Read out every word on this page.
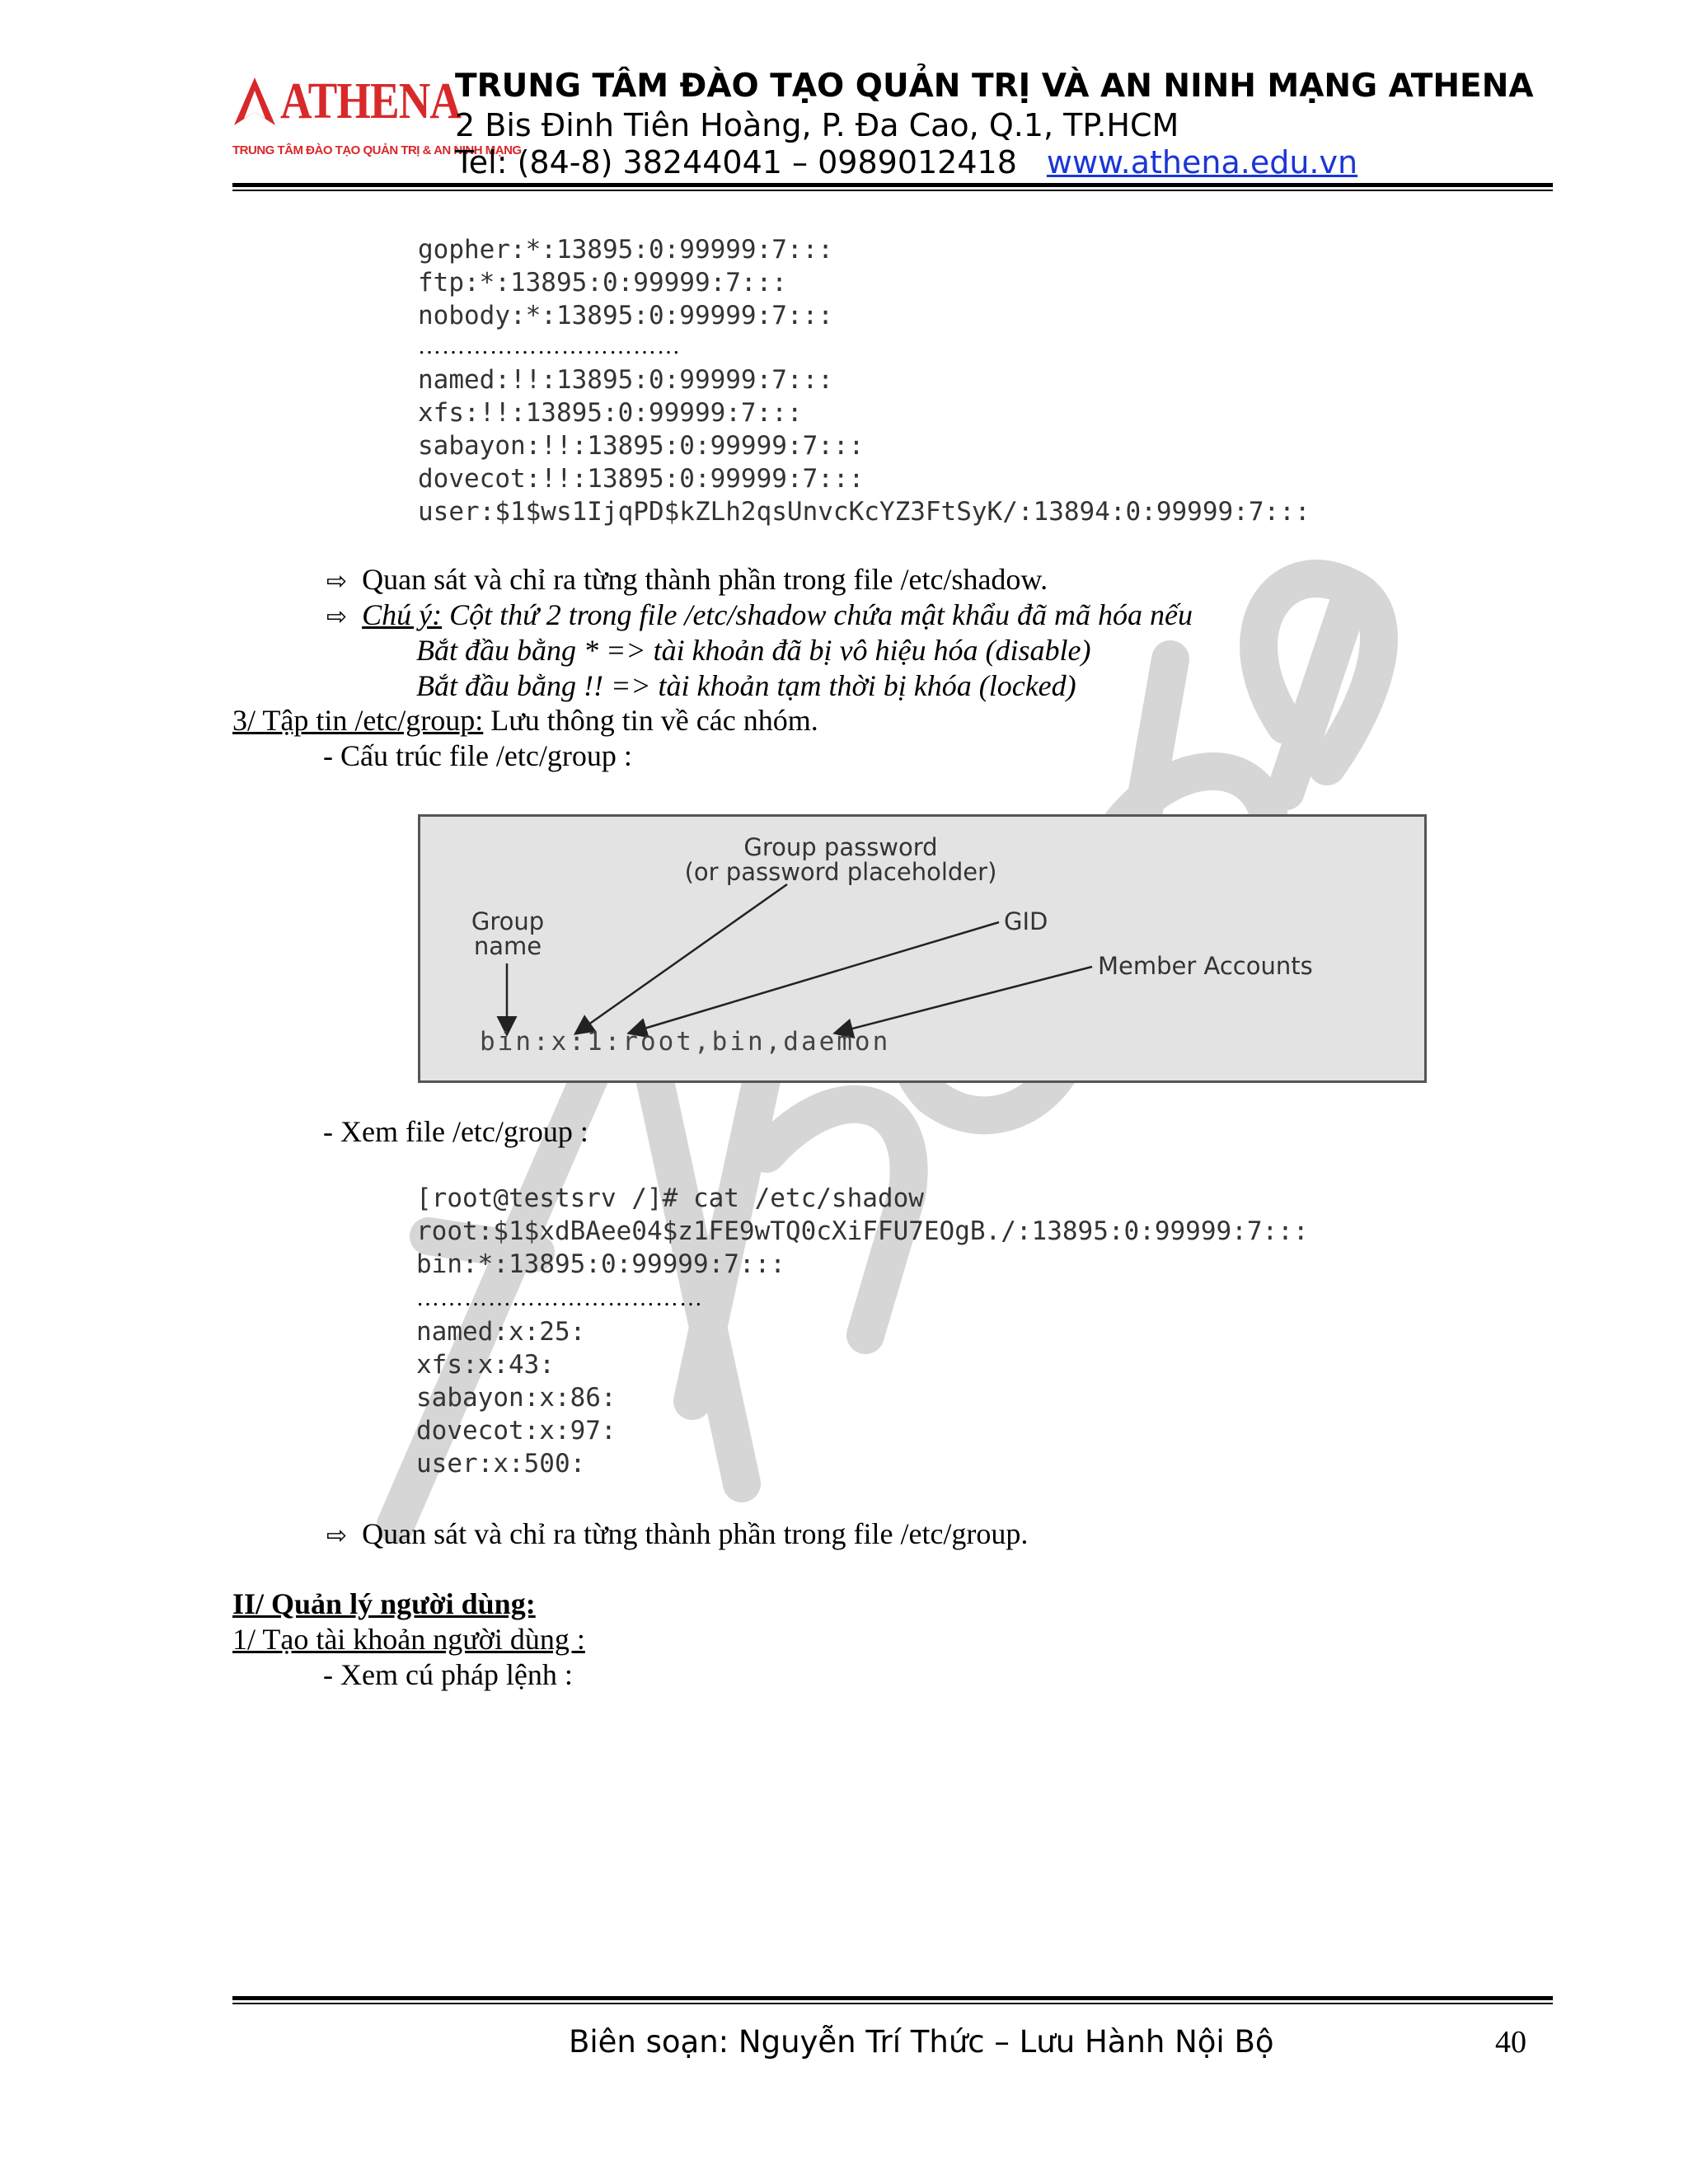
ATHENA
TRUNG TÂM ĐÀO TẠO QUẢN TRỊ & AN NINH MẠNG
TRUNG TÂM ĐÀO TẠO QUẢN TRỊ VÀ AN NINH MẠNG ATHENA
2 Bis Đinh Tiên Hoàng, P. Đa Cao, Q.1, TP.HCM
Tel: (84-8) 38244041 – 0989012418 www.athena.edu.vn
gopher:*:13895:0:99999:7:::
ftp:*:13895:0:99999:7:::
nobody:*:13895:0:99999:7:::
……………………………
named:!!:13895:0:99999:7:::
xfs:!!:13895:0:99999:7:::
sabayon:!!:13895:0:99999:7:::
dovecot:!!:13895:0:99999:7:::
user:$1$ws1IjqPD$kZLh2qsUnvcKcYZ3FtSyK/:13894:0:99999:7:::
⇨ Quan sát và chỉ ra từng thành phần trong file /etc/shadow.
⇨ Chú ý: Cột thứ 2 trong file /etc/shadow chứa mật khẩu đã mã hóa nếu
Bắt đầu bằng * => tài khoản đã bị vô hiệu hóa (disable)
Bắt đầu bằng !! => tài khoản tạm thời bị khóa (locked)
3/ Tập tin /etc/group: Lưu thông tin về các nhóm.
- Cấu trúc file /etc/group :
Group password
(or password placeholder)
Group
name
GID
Member Accounts
bin:x:1:root,bin,daemon
- Xem file /etc/group :
[root@testsrv /]# cat /etc/shadow
root:$1$xdBAee04$z1FE9wTQ0cXiFFU7EOgB./:13895:0:99999:7:::
bin:*:13895:0:99999:7:::
………………………………
named:x:25:
xfs:x:43:
sabayon:x:86:
dovecot:x:97:
user:x:500:
⇨ Quan sát và chỉ ra từng thành phần trong file /etc/group.
II/ Quản lý người dùng:
1/ Tạo tài khoản người dùng :
- Xem cú pháp lệnh :
Biên soạn: Nguyễn Trí Thức – Lưu Hành Nội Bộ	40
